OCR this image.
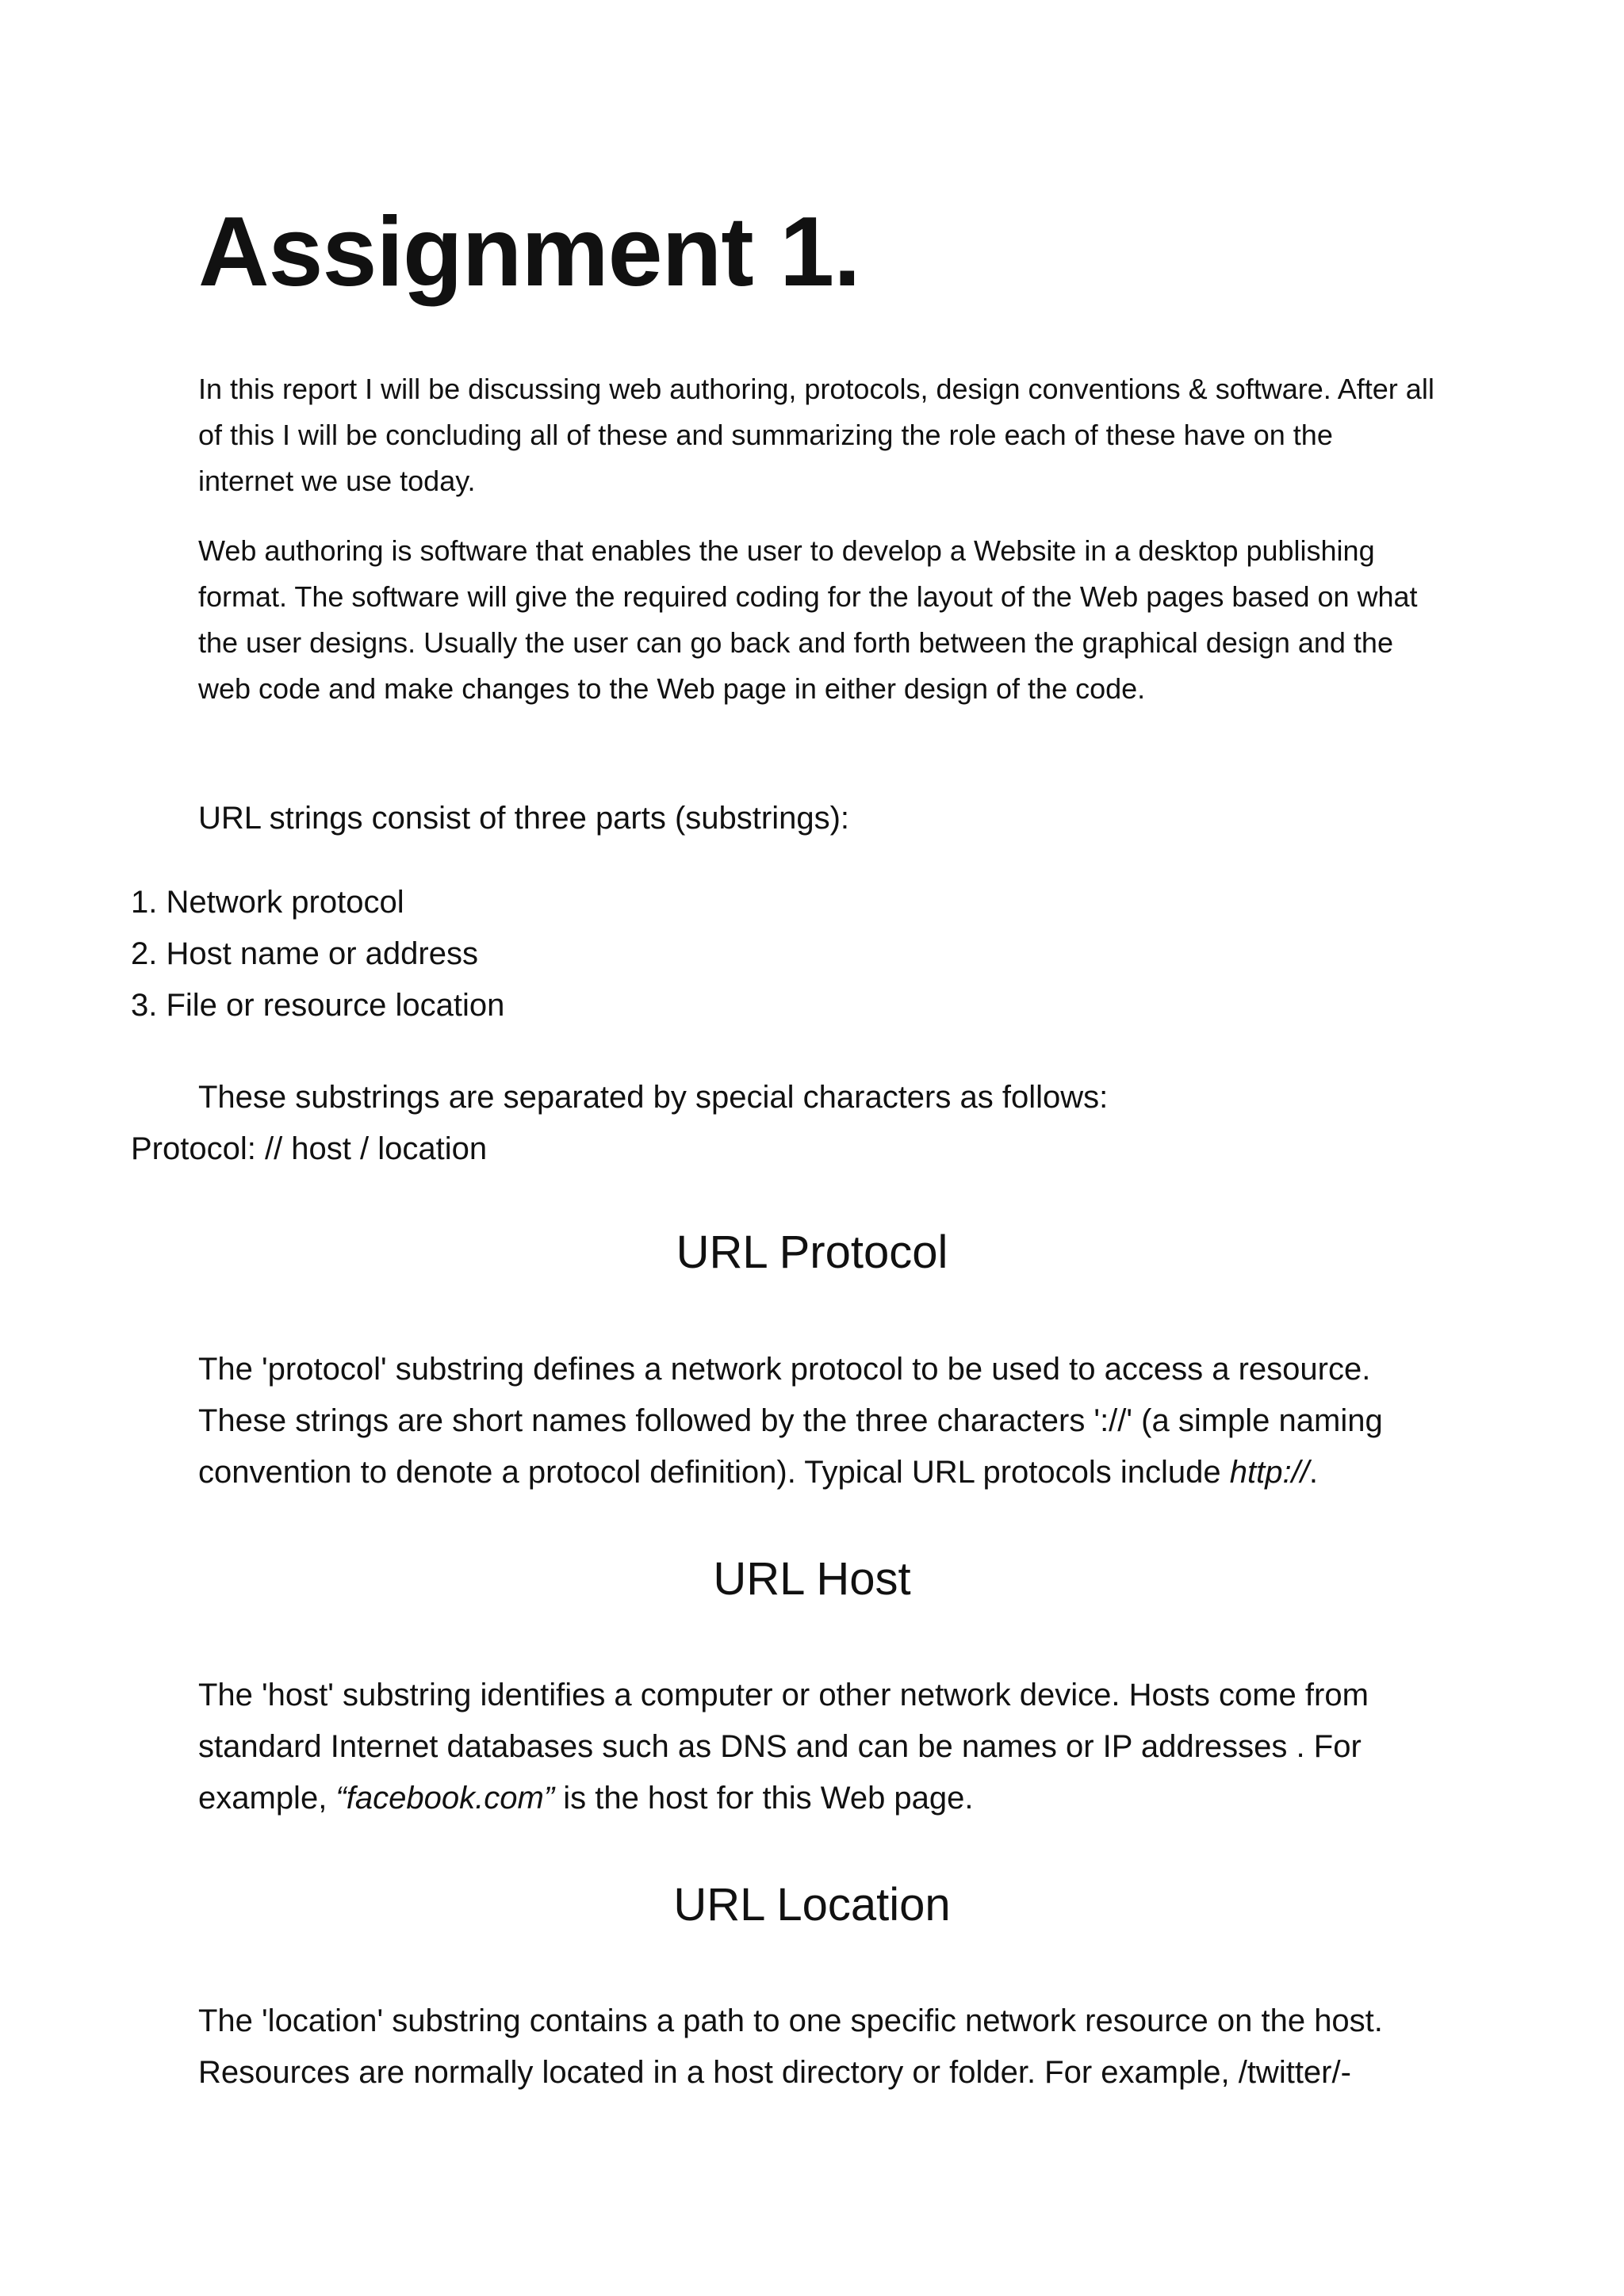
Assignment 1.

In this report I will be discussing web authoring, protocols, design conventions & software. After all of this I will be concluding all of these and summarizing the role each of these have on the internet we use today.

Web authoring is software that enables the user to develop a Website in a desktop publishing format. The software will give the required coding for the layout of the Web pages based on what the user designs. Usually the user can go back and forth between the graphical design and the web code and make changes to the Web page in either design of the code.

URL strings consist of three parts (substrings):

1. Network protocol
2. Host name or address
3. File or resource location

These substrings are separated by special characters as follows:

Protocol: // host / location

URL Protocol

The 'protocol' substring defines a network protocol to be used to access a resource. These strings are short names followed by the three characters '://' (a simple naming convention to denote a protocol definition). Typical URL protocols include http://.

URL Host

The 'host' substring identifies a computer or other network device. Hosts come from standard Internet databases such as DNS and can be names or IP addresses . For example, “facebook.com” is the host for this Web page.

URL Location

The 'location' substring contains a path to one specific network resource on the host. Resources are normally located in a host directory or folder. For example, /twitter/-
